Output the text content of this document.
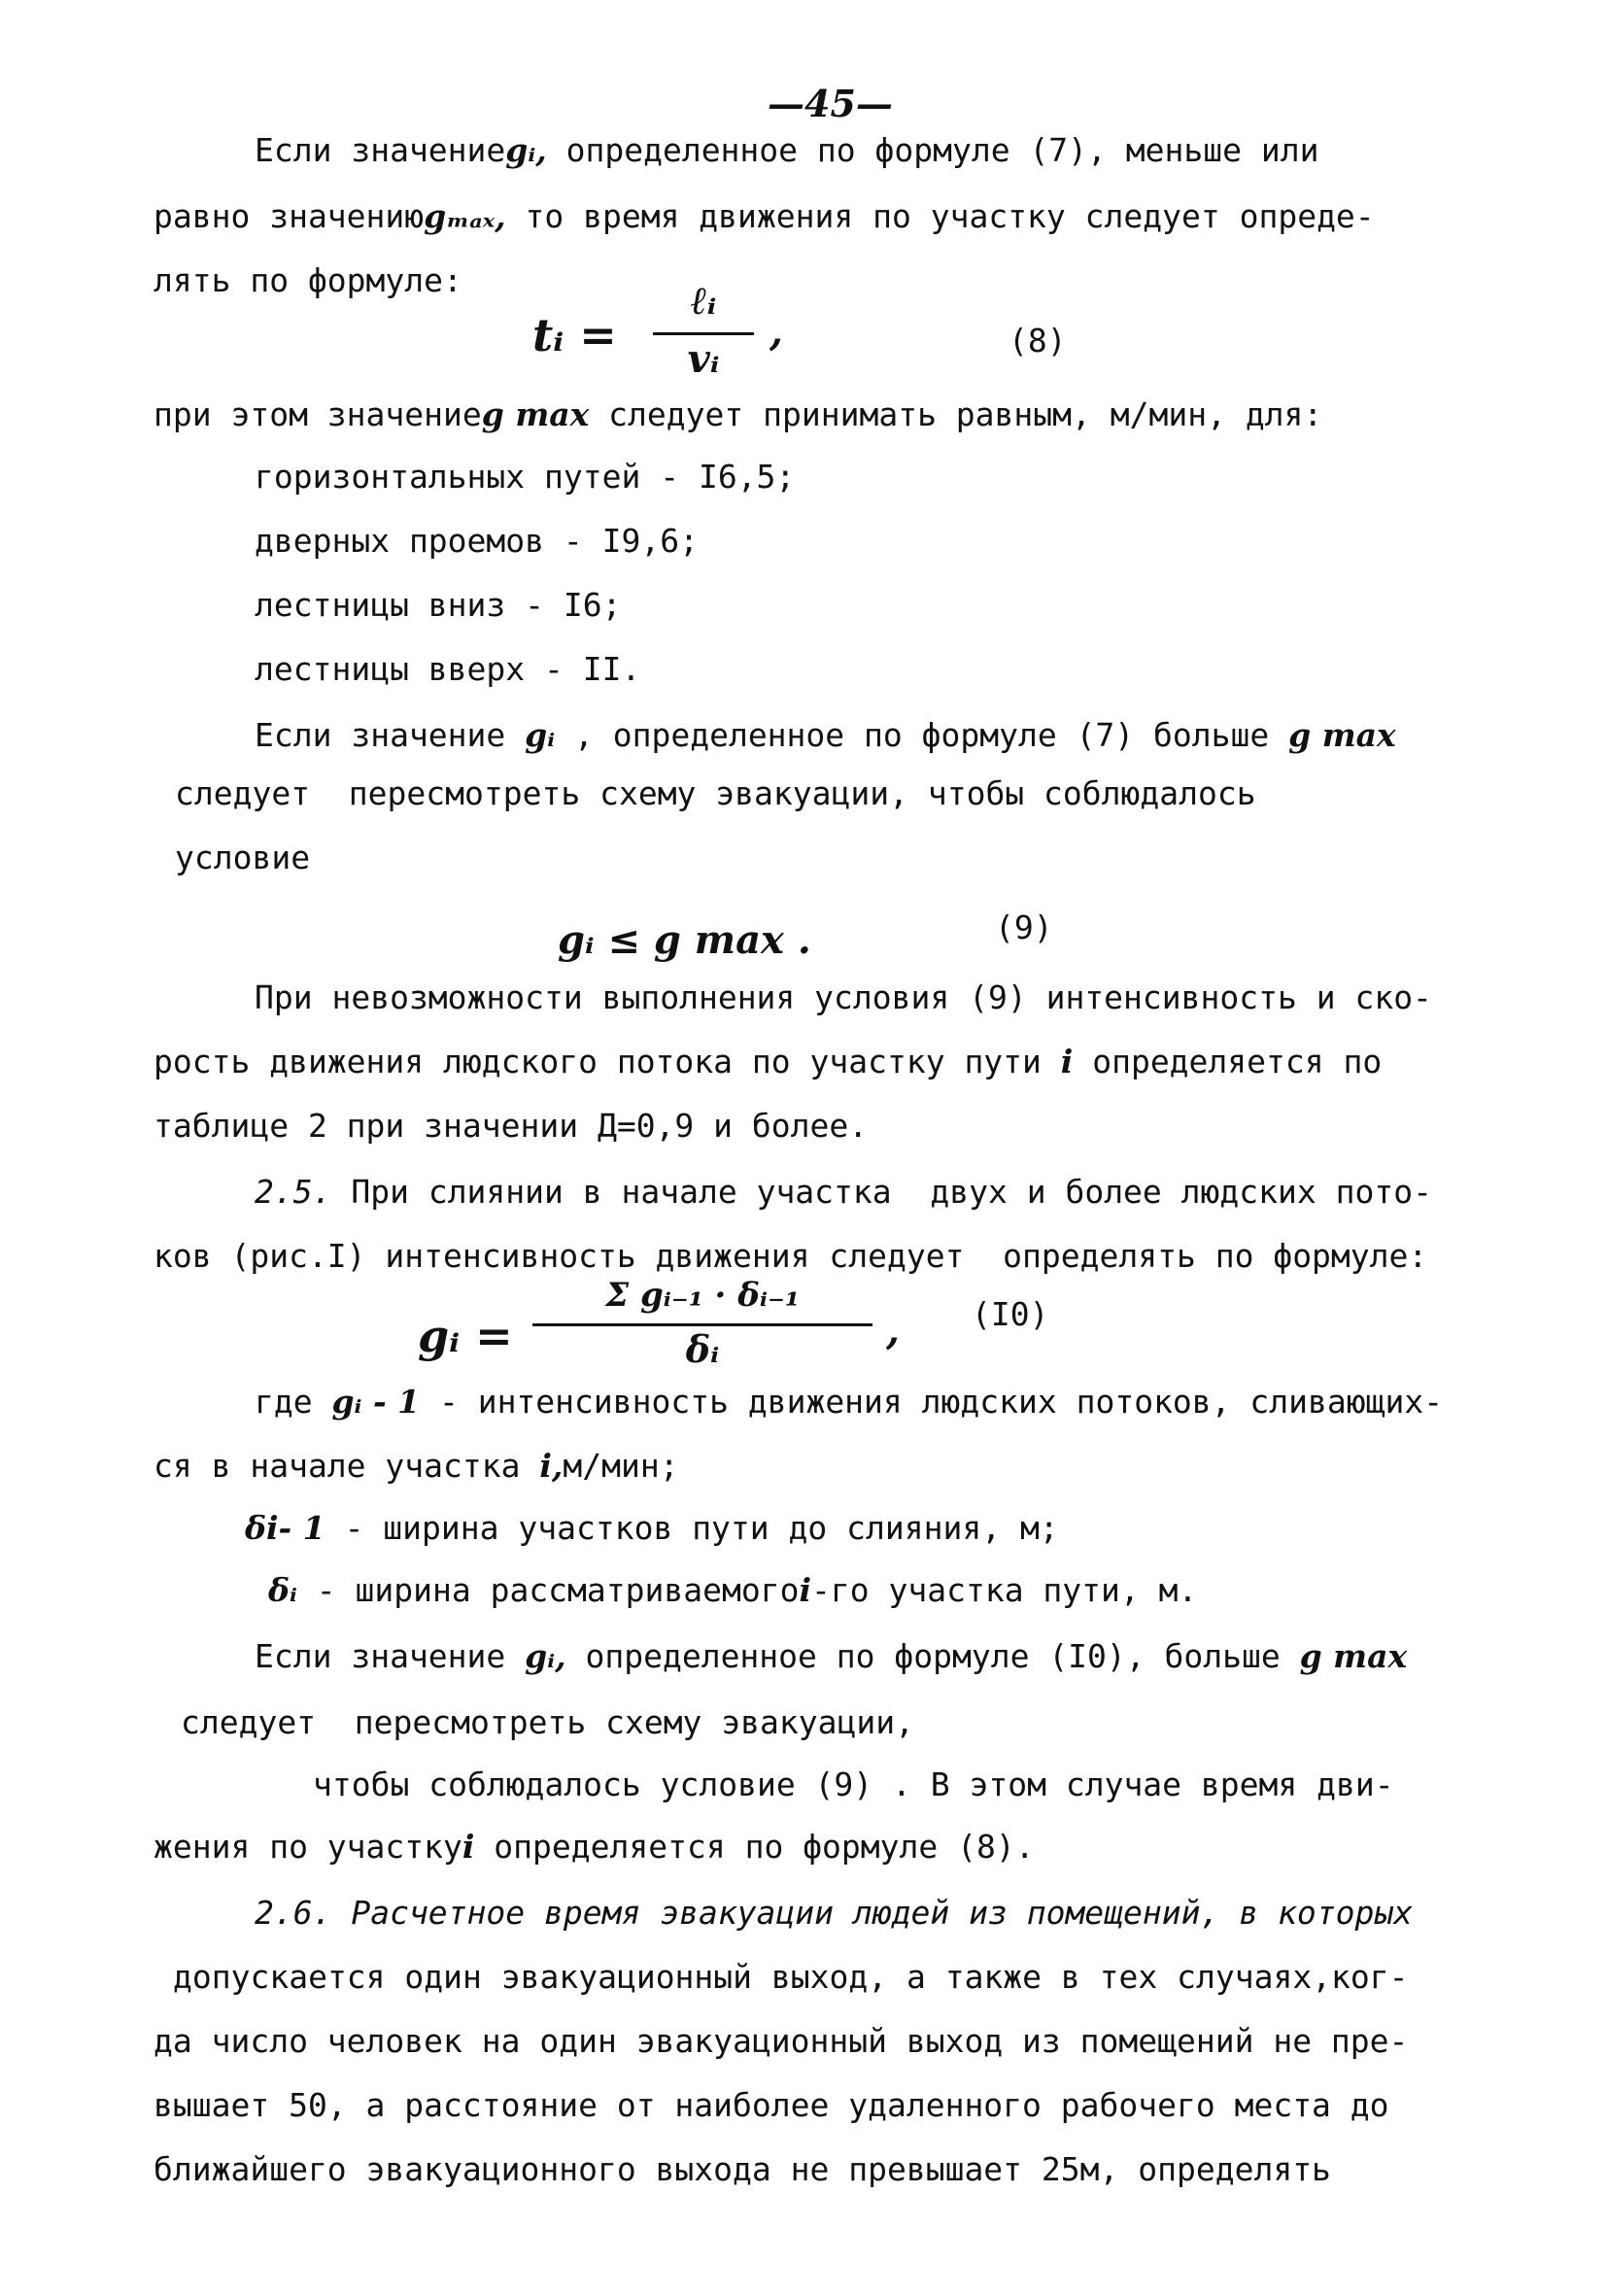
—45—
Если значениеgᵢ, определенное по формуле (7), меньше или
равно значениюgₘₐₓ, то время движения по участку следует опреде-
лять по формуле:
tᵢ =
ℓᵢ
vᵢ
,	(8)
при этом значениеg max следует принимать равным, м/мин, для:
горизонтальных путей - I6,5;
дверных проемов - I9,6;
лестницы вниз - I6;
лестницы вверх - II.
Если значение gᵢ , определенное по формуле (7) больше g max
следует  пересмотреть схему эвакуации, чтобы соблюдалось
условие
gᵢ ≤ g max .	(9)
При невозможности выполнения условия (9) интенсивность и ско-
рость движения людского потока по участку пути i определяется по
таблице 2 при значении Д=0,9 и более.
2.5. При слиянии в начале участка  двух и более людских пото-
ков (рис.I) интенсивность движения следует  определять по формуле:
gᵢ =
Σ gᵢ₋₁ · δᵢ₋₁
δᵢ	, (I0)
где gᵢ - 1 - интенсивность движения людских потоков, сливающих-
ся в начале участка i,м/мин;
δi- 1 - ширина участков пути до слияния, м;
δᵢ - ширина рассматриваемогоi-го участка пути, м.
Если значение gᵢ, определенное по формуле (I0), больше g max
следует  пересмотреть схему эвакуации,
чтобы соблюдалось условие (9) . В этом случае время дви-
жения по участкуi определяется по формуле (8).
2.6. Расчетное время эвакуации людей из помещений, в которых
допускается один эвакуационный выход, а также в тех случаях,ког-
да число человек на один эвакуационный выход из помещений не пре-
вышает 50, а расстояние от наиболее удаленного рабочего места до
ближайшего эвакуационного выхода не превышает 25м, определять
